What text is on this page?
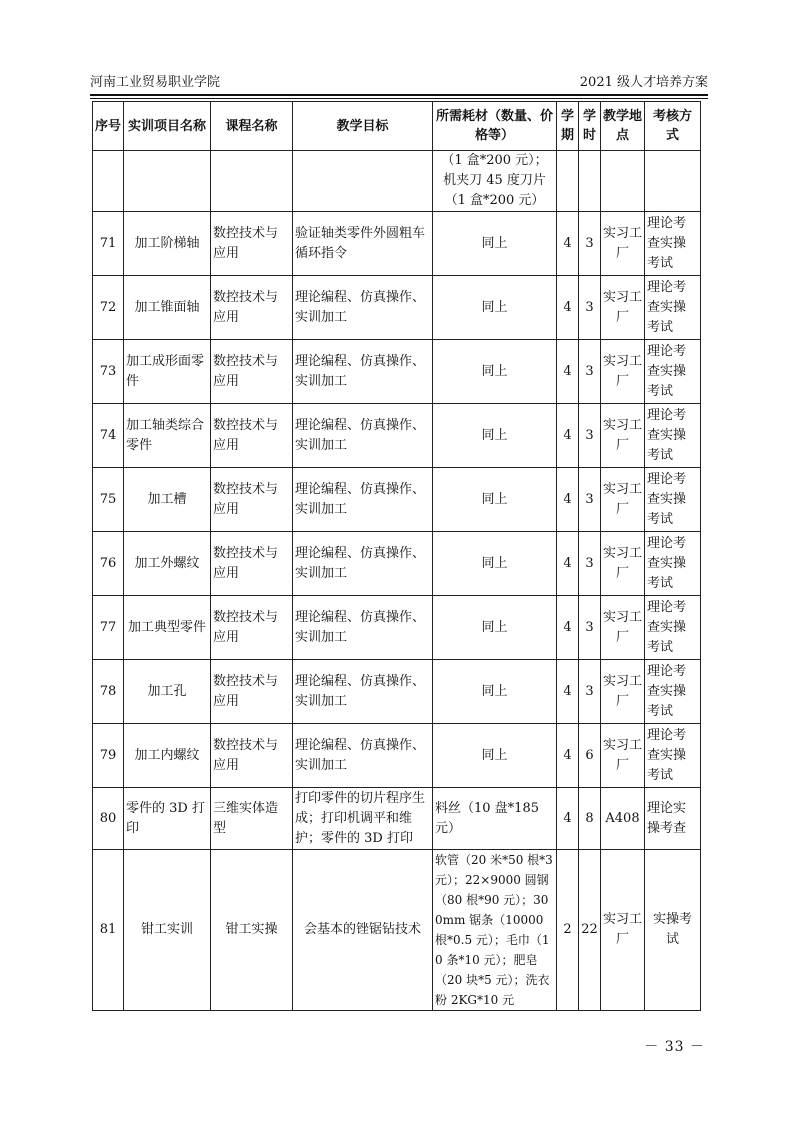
河南工业贸易职业学院	2021 级人才培养方案
序号	实训项目名称	课程名称	教学目标	所需耗材（数量、价格等）	学期	学时	教学地点	考核方式
				（1 盒*200 元）；机夹刀 45 度刀片（1 盒*200 元）				
71	加工阶梯轴	数控技术与应用	验证轴类零件外圆粗车循环指令	同上	4	3	实习工厂	理论考查实操考试
72	加工锥面轴	数控技术与应用	理论编程、仿真操作、实训加工	同上	4	3	实习工厂	理论考查实操考试
73	加工成形面零件	数控技术与应用	理论编程、仿真操作、实训加工	同上	4	3	实习工厂	理论考查实操考试
74	加工轴类综合零件	数控技术与应用	理论编程、仿真操作、实训加工	同上	4	3	实习工厂	理论考查实操考试
75	加工槽	数控技术与应用	理论编程、仿真操作、实训加工	同上	4	3	实习工厂	理论考查实操考试
76	加工外螺纹	数控技术与应用	理论编程、仿真操作、实训加工	同上	4	3	实习工厂	理论考查实操考试
77	加工典型零件	数控技术与应用	理论编程、仿真操作、实训加工	同上	4	3	实习工厂	理论考查实操考试
78	加工孔	数控技术与应用	理论编程、仿真操作、实训加工	同上	4	3	实习工厂	理论考查实操考试
79	加工内螺纹	数控技术与应用	理论编程、仿真操作、实训加工	同上	4	6	实习工厂	理论考查实操考试
80	零件的 3D 打印	三维实体造型	打印零件的切片程序生成；打印机调平和维护；零件的 3D 打印	料丝（10 盘*185 元）	4	8	A408	理论实操考查
81	钳工实训	钳工实操	会基本的锉锯钻技术	软管（20 米*50 根*3 元）；22×9000 圆钢（80 根*90 元）；300mm 锯条（10000 根*0.5 元）；毛巾（10 条*10 元）；肥皂（20 块*5 元）；洗衣粉 2KG*10 元	2	22	实习工厂	实操考试
－ 33 －
